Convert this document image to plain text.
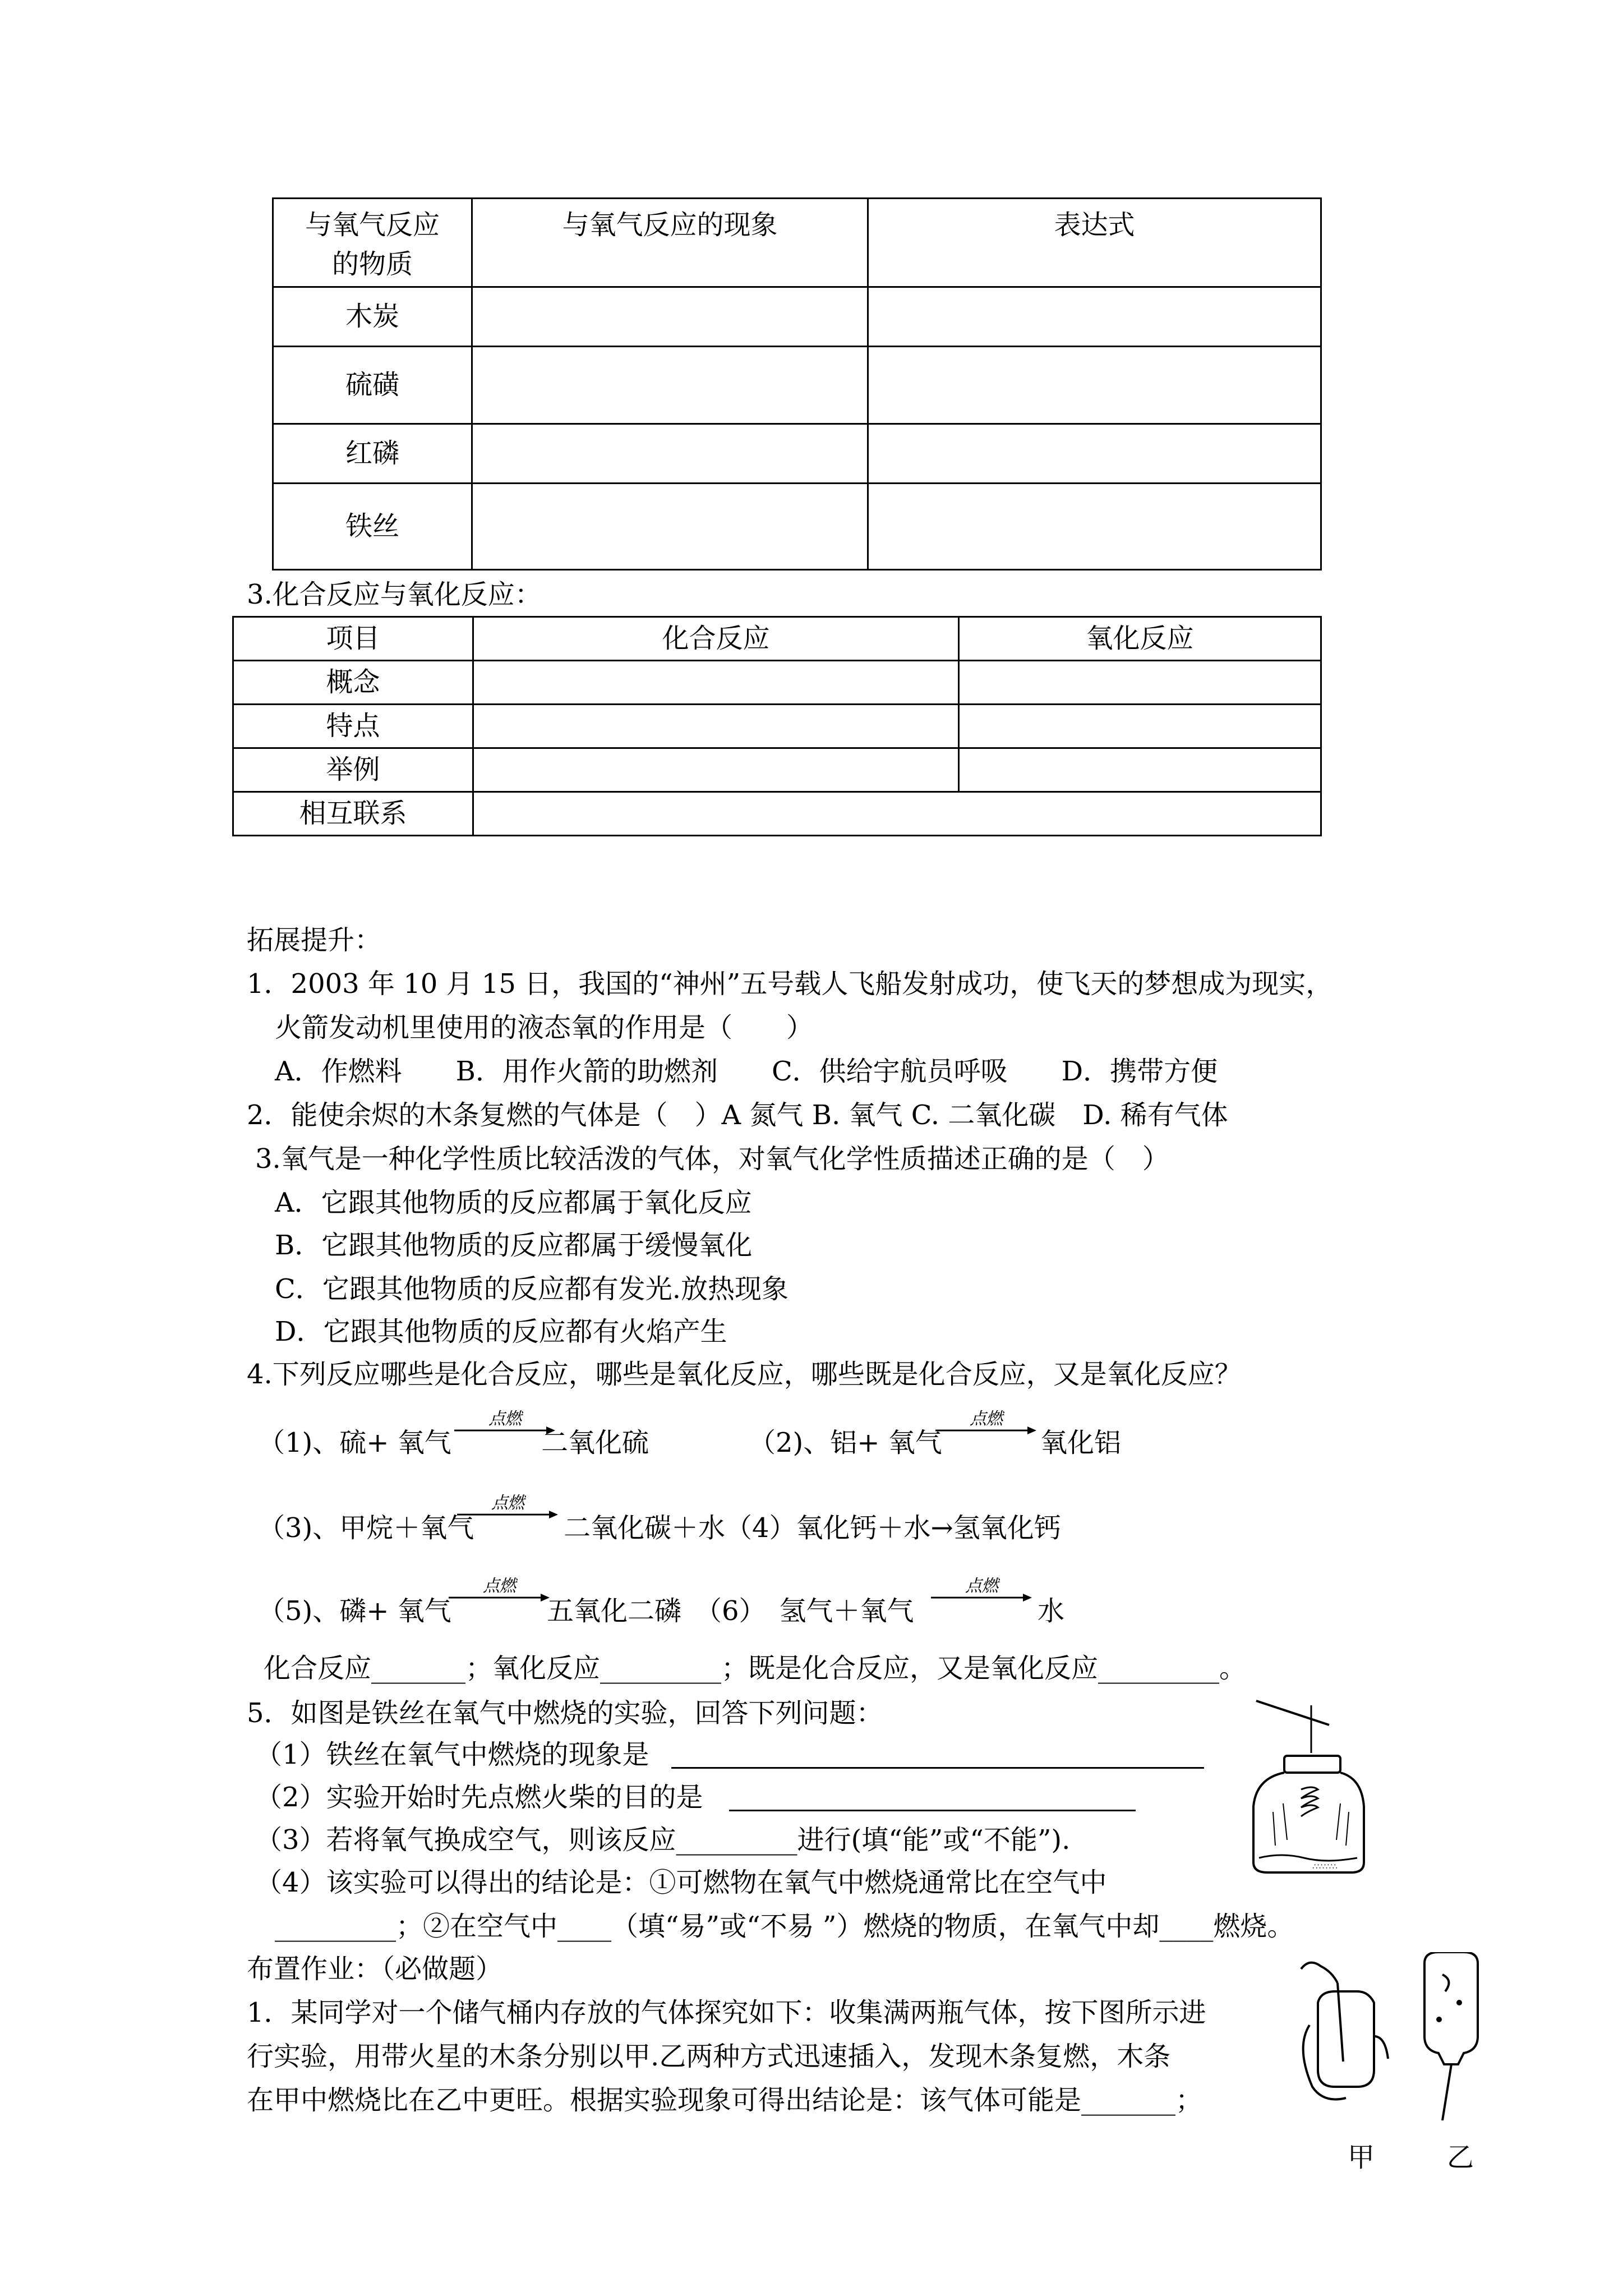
与氧气反应
的物质	与氧气反应的现象	表达式
木炭		
硫磺		
红磷		
铁丝		
3.化合反应与氧化反应：
项目	化合反应	氧化反应
概念		
特点		
举例		
相互联系		
拓展提升：
1．2003 年 10 月 15 日，我国的“神州”五号载人飞船发射成功，使飞天的梦想成为现实，
火箭发动机里使用的液态氧的作用是（　　）
A．作燃料　　B．用作火箭的助燃剂　　C．供给宇航员呼吸　　D．携带方便
2．能使余烬的木条复燃的气体是（　）A 氮气 B. 氧气 C. 二氧化碳　D. 稀有气体
3.氧气是一种化学性质比较活泼的气体，对氧气化学性质描述正确的是（　）
A．它跟其他物质的反应都属于氧化反应
B．它跟其他物质的反应都属于缓慢氧化
C．它跟其他物质的反应都有发光.放热现象
D．它跟其他物质的反应都有火焰产生
4.下列反应哪些是化合反应，哪些是氧化反应，哪些既是化合反应，又是氧化反应？
（1)、硫+ 氧气
点燃
二氧化硫	（2)、铝+ 氧气
点燃
氧化铝
（3)、甲烷＋氧气
点燃
二氧化碳＋水（4）氧化钙＋水→氢氧化钙
（5)、磷+ 氧气
点燃
五氧化二磷　（6）　氢气＋氧气
点燃
水
化合反应_______；氧化反应_________；既是化合反应，又是氧化反应_________。
5．如图是铁丝在氧气中燃烧的实验，回答下列问题：
（1）铁丝在氧气中燃烧的现象是
（2）实验开始时先点燃火柴的目的是
（3）若将氧气换成空气，则该反应_________进行(填“能”或“不能”).
（4）该实验可以得出的结论是：①可燃物在氧气中燃烧通常比在空气中
_________；②在空气中____（填“易”或“不易 ”）燃烧的物质，在氧气中却____燃烧。
∴∵∴∵∴
布置作业：（必做题）
1．某同学对一个储气桶内存放的气体探究如下：收集满两瓶气体，按下图所示进
行实验，用带火星的木条分别以甲.乙两种方式迅速插入，发现木条复燃，木条
在甲中燃烧比在乙中更旺。根据实验现象可得出结论是：该气体可能是_______；
甲	乙
